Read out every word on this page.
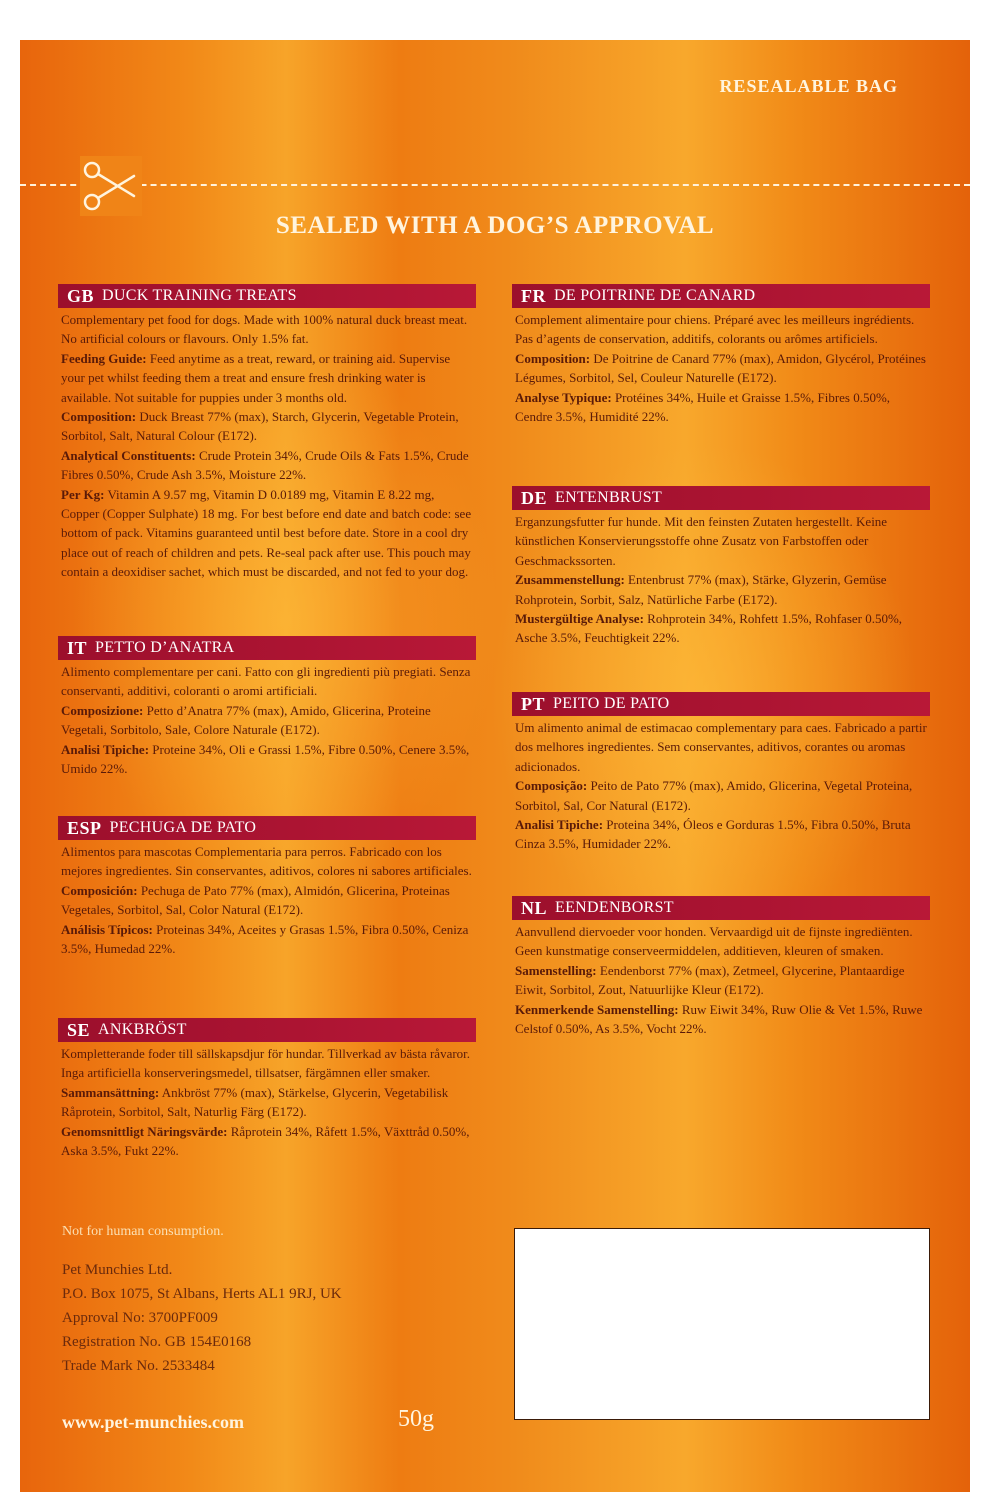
RESEALABLE BAG
SEALED WITH A DOG’S APPROVAL
GB DUCK TRAINING TREATS

Complementary pet food for dogs. Made with 100% natural duck breast meat. No artificial colours or flavours. Only 1.5% fat.

Feeding Guide: Feed anytime as a treat, reward, or training aid. Supervise your pet whilst feeding them a treat and ensure fresh drinking water is available. Not suitable for puppies under 3 months old.

Composition: Duck Breast 77% (max), Starch, Glycerin, Vegetable Protein, Sorbitol, Salt, Natural Colour (E172).

Analytical Constituents: Crude Protein 34%, Crude Oils & Fats 1.5%, Crude Fibres 0.50%, Crude Ash 3.5%, Moisture 22%.

Per Kg: Vitamin A 9.57 mg, Vitamin D 0.0189 mg, Vitamin E 8.22 mg, Copper (Copper Sulphate) 18 mg. For best before end date and batch code: see bottom of pack. Vitamins guaranteed until best before date. Store in a cool dry place out of reach of children and pets. Re-seal pack after use. This pouch may contain a deoxidiser sachet, which must be discarded, and not fed to your dog.

IT PETTO D’ANATRA

Alimento complementare per cani. Fatto con gli ingredienti più pregiati. Senza conservanti, additivi, coloranti o aromi artificiali.

Composizione: Petto d’Anatra 77% (max), Amido, Glicerina, Proteine Vegetali, Sorbitolo, Sale, Colore Naturale (E172).

Analisi Tipiche: Proteine 34%, Oli e Grassi 1.5%, Fibre 0.50%, Cenere 3.5%, Umido 22%.

ESP PECHUGA DE PATO

Alimentos para mascotas Complementaria para perros. Fabricado con los mejores ingredientes. Sin conservantes, aditivos, colores ni sabores artificiales.

Composición: Pechuga de Pato 77% (max), Almidón, Glicerina, Proteinas Vegetales, Sorbitol, Sal, Color Natural (E172).

Análisis Típicos: Proteinas 34%, Aceites y Grasas 1.5%, Fibra 0.50%, Ceniza 3.5%, Humedad 22%.

SE ANKBRÖST

Kompletterande foder till sällskapsdjur för hundar. Tillverkad av bästa råvaror. Inga artificiella konserveringsmedel, tillsatser, färgämnen eller smaker.

Sammansättning: Ankbröst 77% (max), Stärkelse, Glycerin, Vegetabilisk Råprotein, Sorbitol, Salt, Naturlig Färg (E172).

Genomsnittligt Näringsvärde: Råprotein 34%, Råfett 1.5%, Växttråd 0.50%, Aska 3.5%, Fukt 22%.

FR DE POITRINE DE CANARD

Complement alimentaire pour chiens. Préparé avec les meilleurs ingrédients. Pas d’agents de conservation, additifs, colorants ou arômes artificiels.

Composition: De Poitrine de Canard 77% (max), Amidon, Glycérol, Protéines Légumes, Sorbitol, Sel, Couleur Naturelle (E172).

Analyse Typique: Protéines 34%, Huile et Graisse 1.5%, Fibres 0.50%, Cendre 3.5%, Humidité 22%.

DE ENTENBRUST

Erganzungsfutter fur hunde. Mit den feinsten Zutaten hergestellt. Keine künstlichen Konservierungsstoffe ohne Zusatz von Farbstoffen oder Geschmackssorten.

Zusammenstellung: Entenbrust 77% (max), Stärke, Glyzerin, Gemüse Rohprotein, Sorbit, Salz, Natürliche Farbe (E172).

Mustergültige Analyse: Rohprotein 34%, Rohfett 1.5%, Rohfaser 0.50%, Asche 3.5%, Feuchtigkeit 22%.

PT PEITO DE PATO

Um alimento animal de estimacao complementary para caes. Fabricado a partir dos melhores ingredientes. Sem conservantes, aditivos, corantes ou aromas adicionados.

Composição: Peito de Pato 77% (max), Amido, Glicerina, Vegetal Proteina, Sorbitol, Sal, Cor Natural (E172).

Analisi Tipiche: Proteina 34%, Óleos e Gorduras 1.5%, Fibra 0.50%, Bruta Cinza 3.5%, Humidader 22%.

NL EENDENBORST

Aanvullend diervoeder voor honden. Vervaardigd uit de fijnste ingrediënten. Geen kunstmatige conserveermiddelen, additieven, kleuren of smaken.

Samenstelling: Eendenborst 77% (max), Zetmeel, Glycerine, Plantaardige Eiwit, Sorbitol, Zout, Natuurlijke Kleur (E172).

Kenmerkende Samenstelling: Ruw Eiwit 34%, Ruw Olie & Vet 1.5%, Ruwe Celstof 0.50%, As 3.5%, Vocht 22%.

Not for human consumption.
Pet Munchies Ltd.
P.O. Box 1075, St Albans, Herts AL1 9RJ, UK
Approval No: 3700PF009
Registration No. GB 154E0168
Trade Mark No. 2533484
www.pet-munchies.com	50g
